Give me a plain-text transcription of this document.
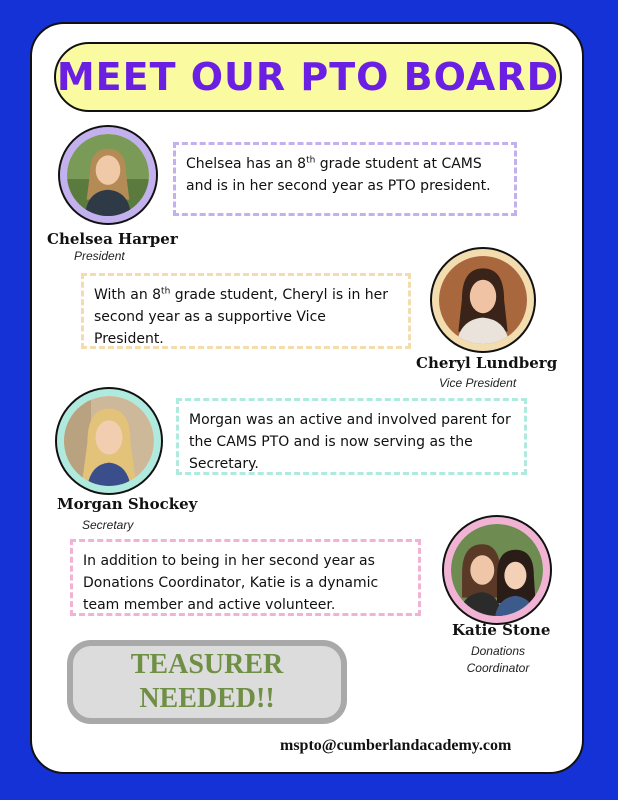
MEET OUR PTO BOARD
Chelsea has an 8th grade student at CAMS and is in her second year as PTO president.
Chelsea Harper
President
With an 8th grade student, Cheryl is in her second year as a supportive Vice President.
Cheryl Lundberg
Vice President
Morgan was an active and involved parent for the CAMS PTO and is now serving as the Secretary.
Morgan Shockey
Secretary
In addition to being in her second year as Donations Coordinator, Katie is a dynamic team member and active volunteer.
Katie Stone
Donations
Coordinator
TEASURER
NEEDED!!
mspto@cumberlandacademy.com
